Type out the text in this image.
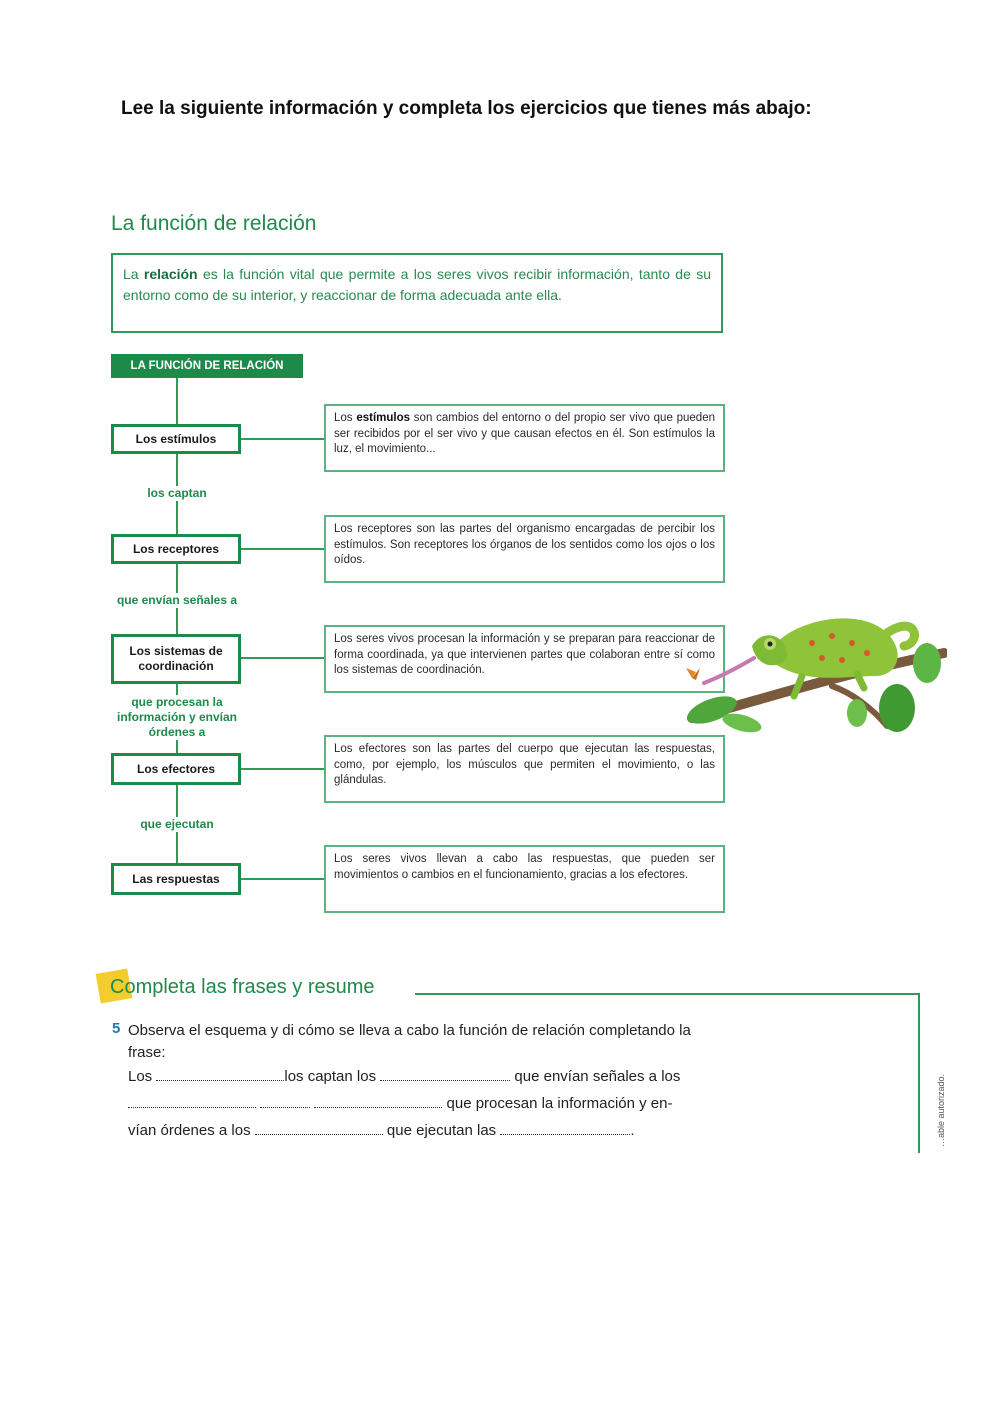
Lee la siguiente información y completa los ejercicios que tienes más abajo:
La función de relación
La relación es la función vital que permite a los seres vivos recibir información, tanto de su entorno como de su interior, y reaccionar de forma adecuada ante ella.
LA FUNCIÓN DE RELACIÓN
Los estímulos
Los receptores
Los sistemas de coordinación
Los efectores
Las respuestas
los captan
que envían señales a
que procesan la información y envían órdenes a
que ejecutan
Los estímulos son cambios del entorno o del propio ser vivo que pueden ser recibidos por el ser vivo y que causan efectos en él. Son estímulos la luz, el movimiento...
Los receptores son las partes del organismo encargadas de percibir los estímulos. Son receptores los órganos de los sentidos como los ojos o los oídos.
Los seres vivos procesan la información y se preparan para reaccionar de forma coordinada, ya que intervienen partes que colaboran entre sí como los sistemas de coordinación.
Los efectores son las partes del cuerpo que ejecutan las respuestas, como, por ejemplo, los músculos que permiten el movimiento, o las glándulas.
Los seres vivos llevan a cabo las respuestas, que pueden ser movimientos o cambios en el funcionamiento, gracias a los efectores.
Completa las frases y resume
…able autorizado.
5 Observa el esquema y di cómo se lleva a cabo la función de relación completando la frase:
Los	los captan los	que envían señales a los
que procesan la información y en-
vían órdenes a los	que ejecutan las	.
